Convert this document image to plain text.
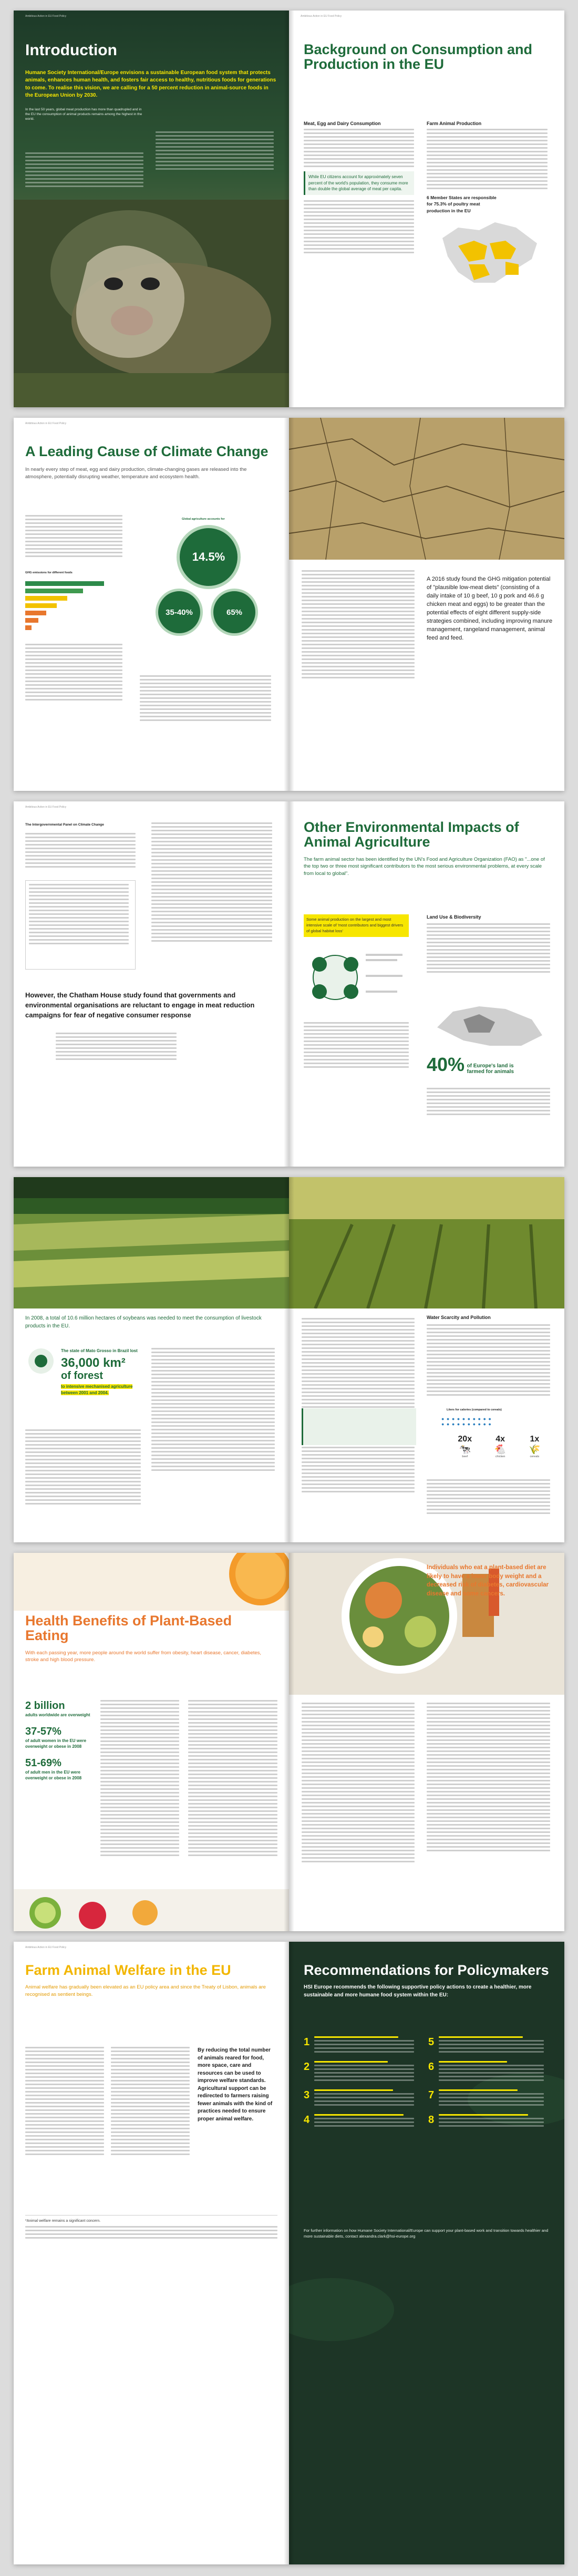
Ambitious Action in EU Food Policy
Introduction

Humane Society International/Europe envisions a sustainable European food system that protects animals, enhances human health, and fosters fair access to healthy, nutritious foods for generations to come. To realise this vision, we are calling for a 50 percent reduction in animal-source foods in the European Union by 2030.

In the last 50 years, global meat production has more than quadrupled and in the EU the consumption of animal products remains among the highest in the world.

Ambitious Action in EU Food Policy
Background on Consumption and Production in the EU
Meat, Egg and Dairy Consumption

While EU citizens account for approximately seven percent of the world's population, they consume more than double the global average of meat per capita.

Farm Animal Production

6 Member States are responsible for 75.3% of poultry meat production in the EU

Ambitious Action in EU Food Policy
A Leading Cause of Climate Change

In nearly every step of meat, egg and dairy production, climate-changing gases are released into the atmosphere, potentially disrupting weather, temperature and ecosystem health.

GHG emissions for different foods

Global agriculture accounts for

14.5%
35-40%	65%

A 2016 study found the GHG mitigation potential of "plausible low-meat diets" (consisting of a daily intake of 10 g beef, 10 g pork and 46.6 g chicken meat and eggs) to be greater than the potential effects of eight different supply-side strategies combined, including improving manure management, rangeland management, animal feed and feed.

Ambitious Action in EU Food Policy

The Intergovernmental Panel on Climate Change

However, the Chatham House study found that governments and environmental organisations are reluctant to engage in meat reduction campaigns for fear of negative consumer response

Other Environmental Impacts of Animal Agriculture

The farm animal sector has been identified by the UN's Food and Agriculture Organization (FAO) as "...one of the top two or three most significant contributors to the most serious environmental problems, at every scale from local to global".

Some animal production on the largest and most intensive scale of 'most contributors and biggest drivers of global habitat loss'

Land Use & Biodiversity
40% of Europe's land is farmed for animals

In 2008, a total of 10.6 million hectares of soybeans was needed to meet the consumption of livestock products in the EU.

The state of Mato Grosso in Brazil lost

36,000 km²
of forest

to intensive mechanised agriculture between 2001 and 2004.

Water Scarcity and Pollution

Liters for calories (compared to cereals)

● ● ● ● ● ● ● ● ● ●
● ● ● ● ● ● ● ● ● ●
20x
🐄
beef
4x
🐔
chicken
1x
🌾
cereals
Health Benefits of Plant-Based Eating

With each passing year, more people around the world suffer from obesity, heart disease, cancer, diabetes, stroke and high blood pressure.

2 billion

adults worldwide are overweight

37-57%

of adult women in the EU were overweight or obese in 2008

51-69%

of adult men in the EU were overweight or obese in 2008

Individuals who eat a plant-based diet are likely to have a lower body weight and a decreased risk of diabetes, cardiovascular disease and some cancers.

Ambitious Action in EU Food Policy
Farm Animal Welfare in the EU

Animal welfare has gradually been elevated as an EU policy area and since the Treaty of Lisbon, animals are recognised as sentient beings.

By reducing the total number of animals reared for food, more space, care and resources can be used to improve welfare standards. Agricultural support can be redirected to farmers raising fewer animals with the kind of practices needed to ensure proper animal welfare.

*Animal welfare remains a significant concern.

Recommendations for Policymakers

HSI Europe recommends the following supportive policy actions to create a healthier, more sustainable and more humane food system within the EU:

1
2
3
4
5
6
7
8

For further information on how Humane Society International/Europe can support your plant-based work and transition towards healthier and more sustainable diets, contact alexandra.clark@hsi-europe.org
